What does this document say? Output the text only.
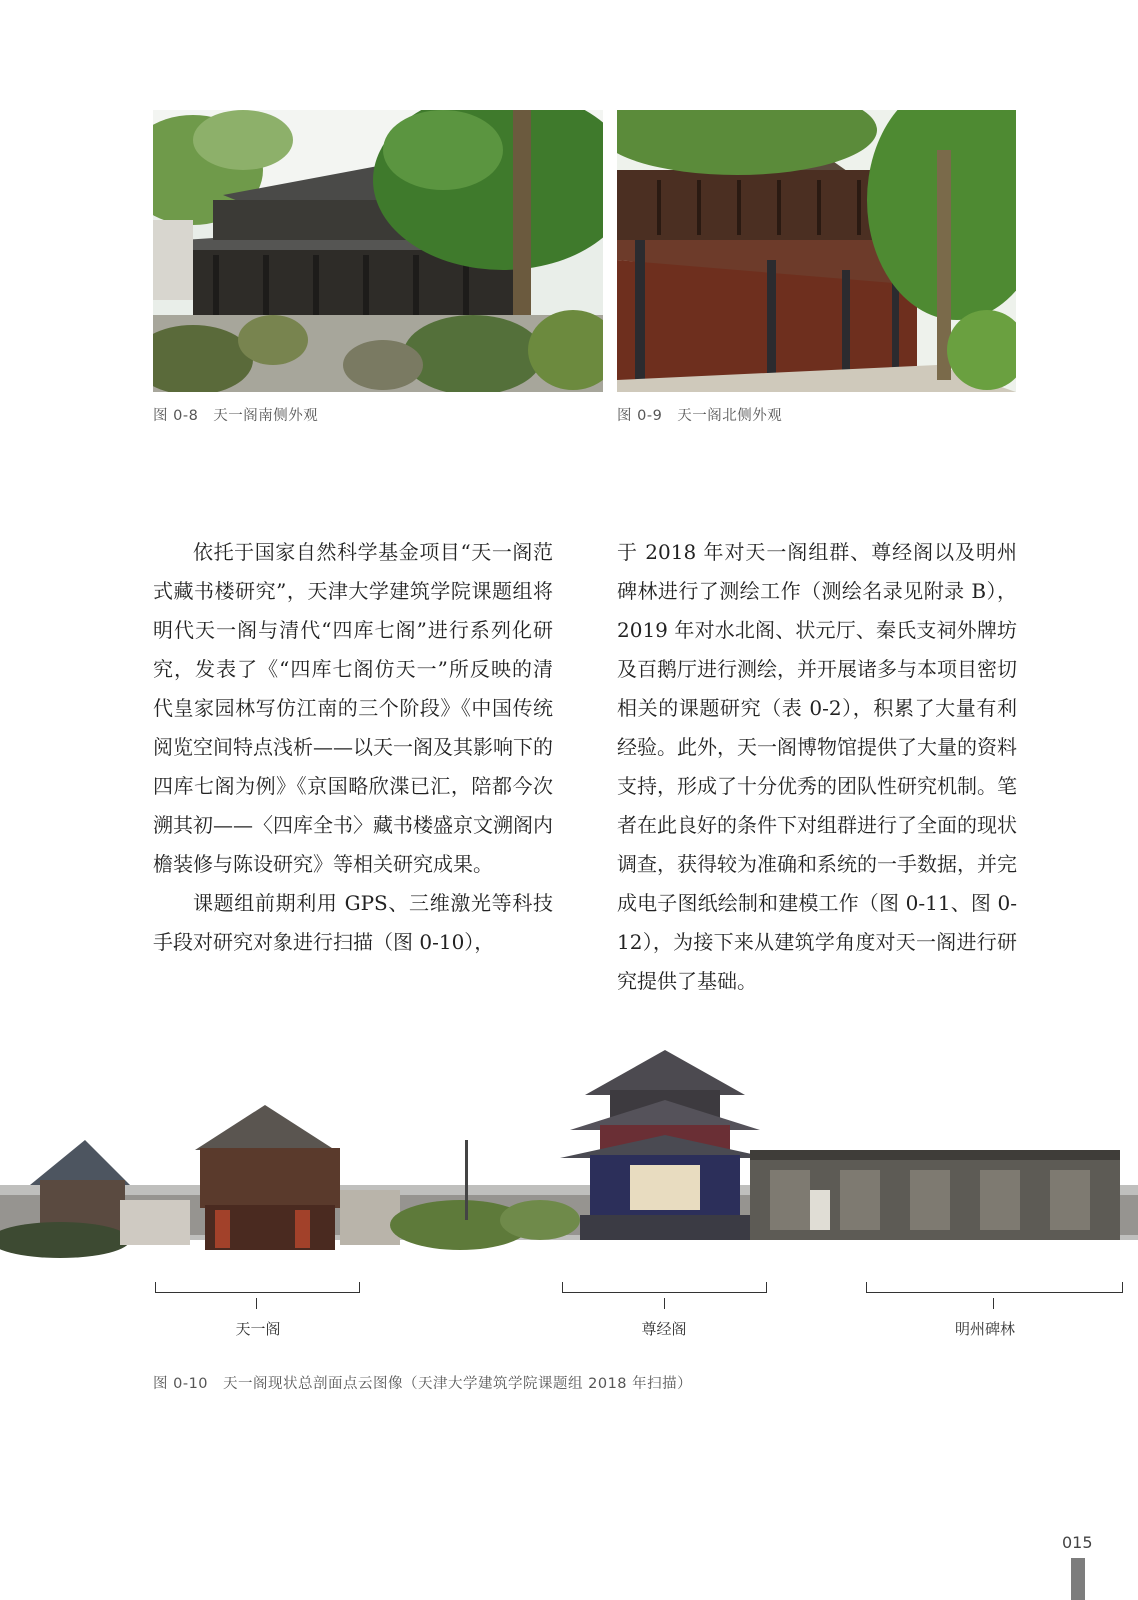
图 0-8　天一阁南侧外观	图 0-9　天一阁北侧外观

依托于国家自然科学基金项目“天一阁范式藏书楼研究”，天津大学建筑学院课题组将明代天一阁与清代“四库七阁”进行系列化研究，发表了《“四库七阁仿天一”所反映的清代皇家园林写仿江南的三个阶段》《中国传统阅览空间特点浅析——以天一阁及其影响下的四库七阁为例》《京国略欣渫已汇，陪都今次溯其初——〈四库全书〉藏书楼盛京文溯阁内檐装修与陈设研究》等相关研究成果。

课题组前期利用 GPS、三维激光等科技手段对研究对象进行扫描（图 0-10），

于 2018 年对天一阁组群、尊经阁以及明州碑林进行了测绘工作（测绘名录见附录 B），2019 年对水北阁、状元厅、秦氏支祠外牌坊及百鹅厅进行测绘，并开展诸多与本项目密切相关的课题研究（表 0-2），积累了大量有利经验。此外，天一阁博物馆提供了大量的资料支持，形成了十分优秀的团队性研究机制。笔者在此良好的条件下对组群进行了全面的现状调查，获得较为准确和系统的一手数据，并完成电子图纸绘制和建模工作（图 0-11、图 0-12），为接下来从建筑学角度对天一阁进行研究提供了基础。

天一阁	尊经阁	明州碑林
图 0-10　天一阁现状总剖面点云图像（天津大学建筑学院课题组 2018 年扫描）
015
